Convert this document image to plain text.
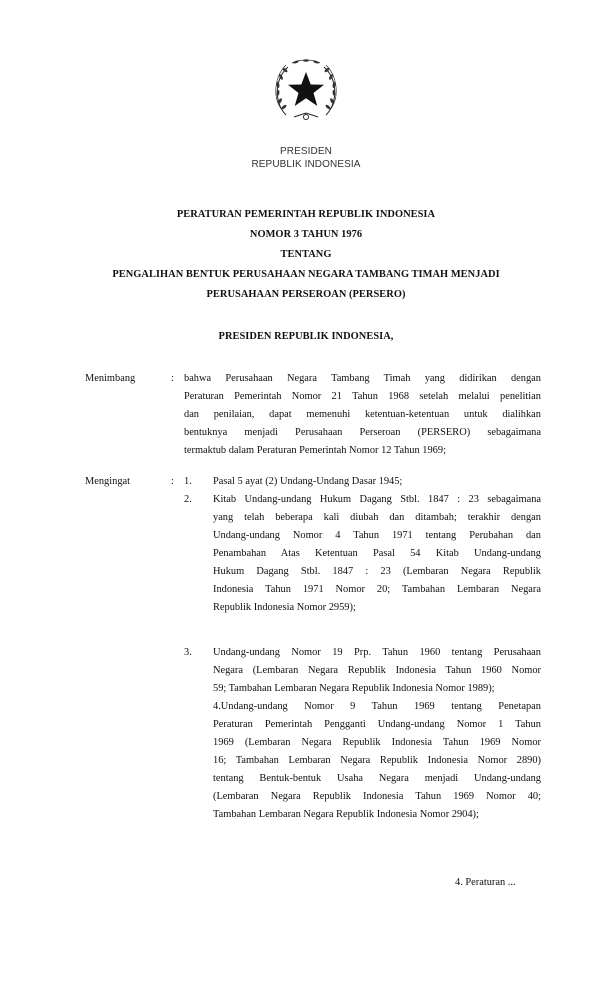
PRESIDEN
REPUBLIK INDONESIA
PERATURAN PEMERINTAH REPUBLIK INDONESIA
NOMOR 3 TAHUN 1976
TENTANG
PENGALIHAN BENTUK PERUSAHAAN NEGARA TAMBANG TIMAH MENJADI
PERUSAHAAN PERSEROAN (PERSERO)
PRESIDEN REPUBLIK INDONESIA,
Menimbang	: bahwa Perusahaan Negara Tambang Timah yang didirikan dengan
Peraturan Pemerintah Nomor 21 Tahun 1968 setelah melalui penelitian
dan penilaian, dapat memenuhi ketentuan-ketentuan untuk dialihkan
bentuknya menjadi Perusahaan Perseroan (PERSERO) sebagaimana
termaktub dalam Peraturan Pemerintah Nomor 12 Tahun 1969;
Mengingat	: 1. Pasal 5 ayat (2) Undang-Undang Dasar 1945;
2. Kitab Undang-undang Hukum Dagang Stbl. 1847 : 23 sebagaimana
yang telah beberapa kali diubah dan ditambah; terakhir dengan
Undang-undang Nomor 4 Tahun 1971 tentang Perubahan dan
Penambahan Atas Ketentuan Pasal 54 Kitab Undang-undang
Hukum Dagang Stbl. 1847 : 23 (Lembaran Negara Republik
Indonesia Tahun 1971 Nomor 20; Tambahan Lembaran Negara
Republik Indonesia Nomor 2959);
3. Undang-undang Nomor 19 Prp. Tahun 1960 tentang Perusahaan
Negara (Lembaran Negara Republik Indonesia Tahun 1960 Nomor
59; Tambahan Lembaran Negara Republik Indonesia Nomor 1989);
4.Undang-undang Nomor 9 Tahun 1969 tentang Penetapan
Peraturan Pemerintah Pengganti Undang-undang Nomor 1 Tahun
1969 (Lembaran Negara Republik Indonesia Tahun 1969 Nomor
16; Tambahan Lembaran Negara Republik Indonesia Nomor 2890)
tentang Bentuk-bentuk Usaha Negara menjadi Undang-undang
(Lembaran Negara Republik Indonesia Tahun 1969 Nomor 40;
Tambahan Lembaran Negara Republik Indonesia Nomor 2904);
4. Peraturan ...
